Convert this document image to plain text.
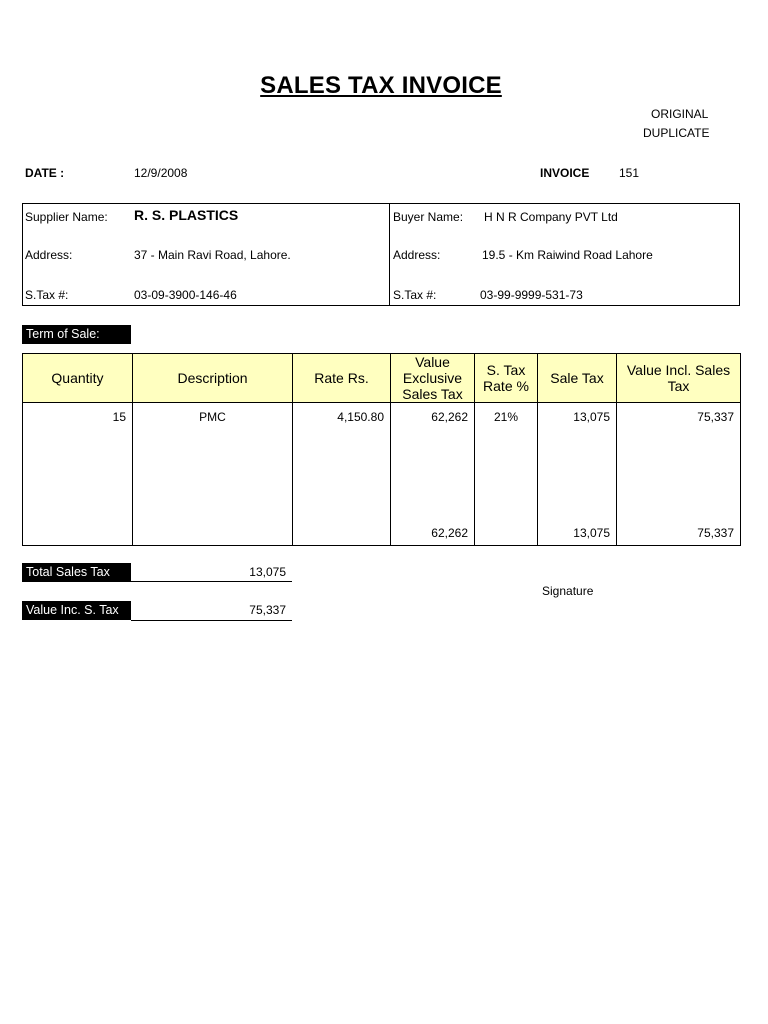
SALES TAX INVOICE
ORIGINAL
DUPLICATE
DATE :	12/9/2008	INVOICE 151
Supplier Name: R. S. PLASTICS
Address:	37 - Main Ravi Road, Lahore.
S.Tax #:	03-09-3900-146-46
Buyer Name: H N R Company PVT Ltd
Address:	19.5 - Km Raiwind Road Lahore
S.Tax #:	03-99-9999-531-73
Term of Sale:
Quantity	Description	Rate Rs.	Value Exclusive Sales Tax	S. Tax Rate %	Sale Tax	Value Incl. Sales Tax
15	PMC	4,150.80	62,262	21%	13,075	75,337

			62,262		13,075	75,337
Total Sales Tax	13,075
Value Inc. S. Tax	75,337
Signature
